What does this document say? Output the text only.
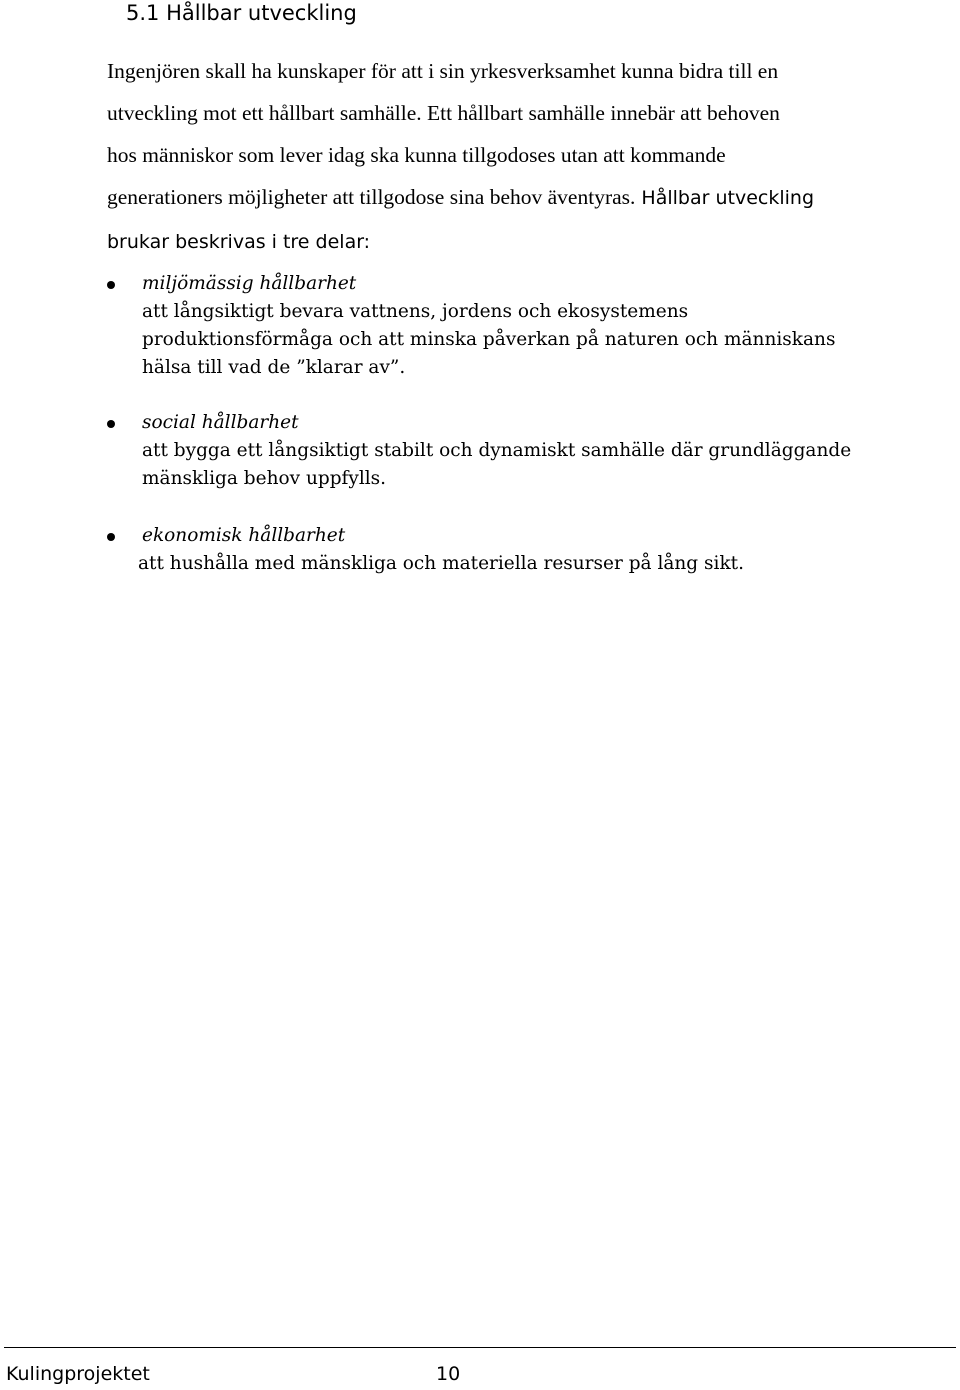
5.1 Hållbar utveckling
Ingenjören skall ha kunskaper för att i sin yrkesverksamhet kunna bidra till en
utveckling mot ett hållbart samhälle. Ett hållbart samhälle innebär att behoven
hos människor som lever idag ska kunna tillgodoses utan att kommande
generationers möjligheter att tillgodose sina behov äventyras. Hållbar utveckling
brukar beskrivas i tre delar:
miljömässig hållbarhet
att långsiktigt bevara vattnens, jordens och ekosystemens
produktionsförmåga och att minska påverkan på naturen och människans
hälsa till vad de ”klarar av”.
social hållbarhet
att bygga ett långsiktigt stabilt och dynamiskt samhälle där grundläggande
mänskliga behov uppfylls.
ekonomisk hållbarhet
att hushålla med mänskliga och materiella resurser på lång sikt.
Kulingprojektet	10
